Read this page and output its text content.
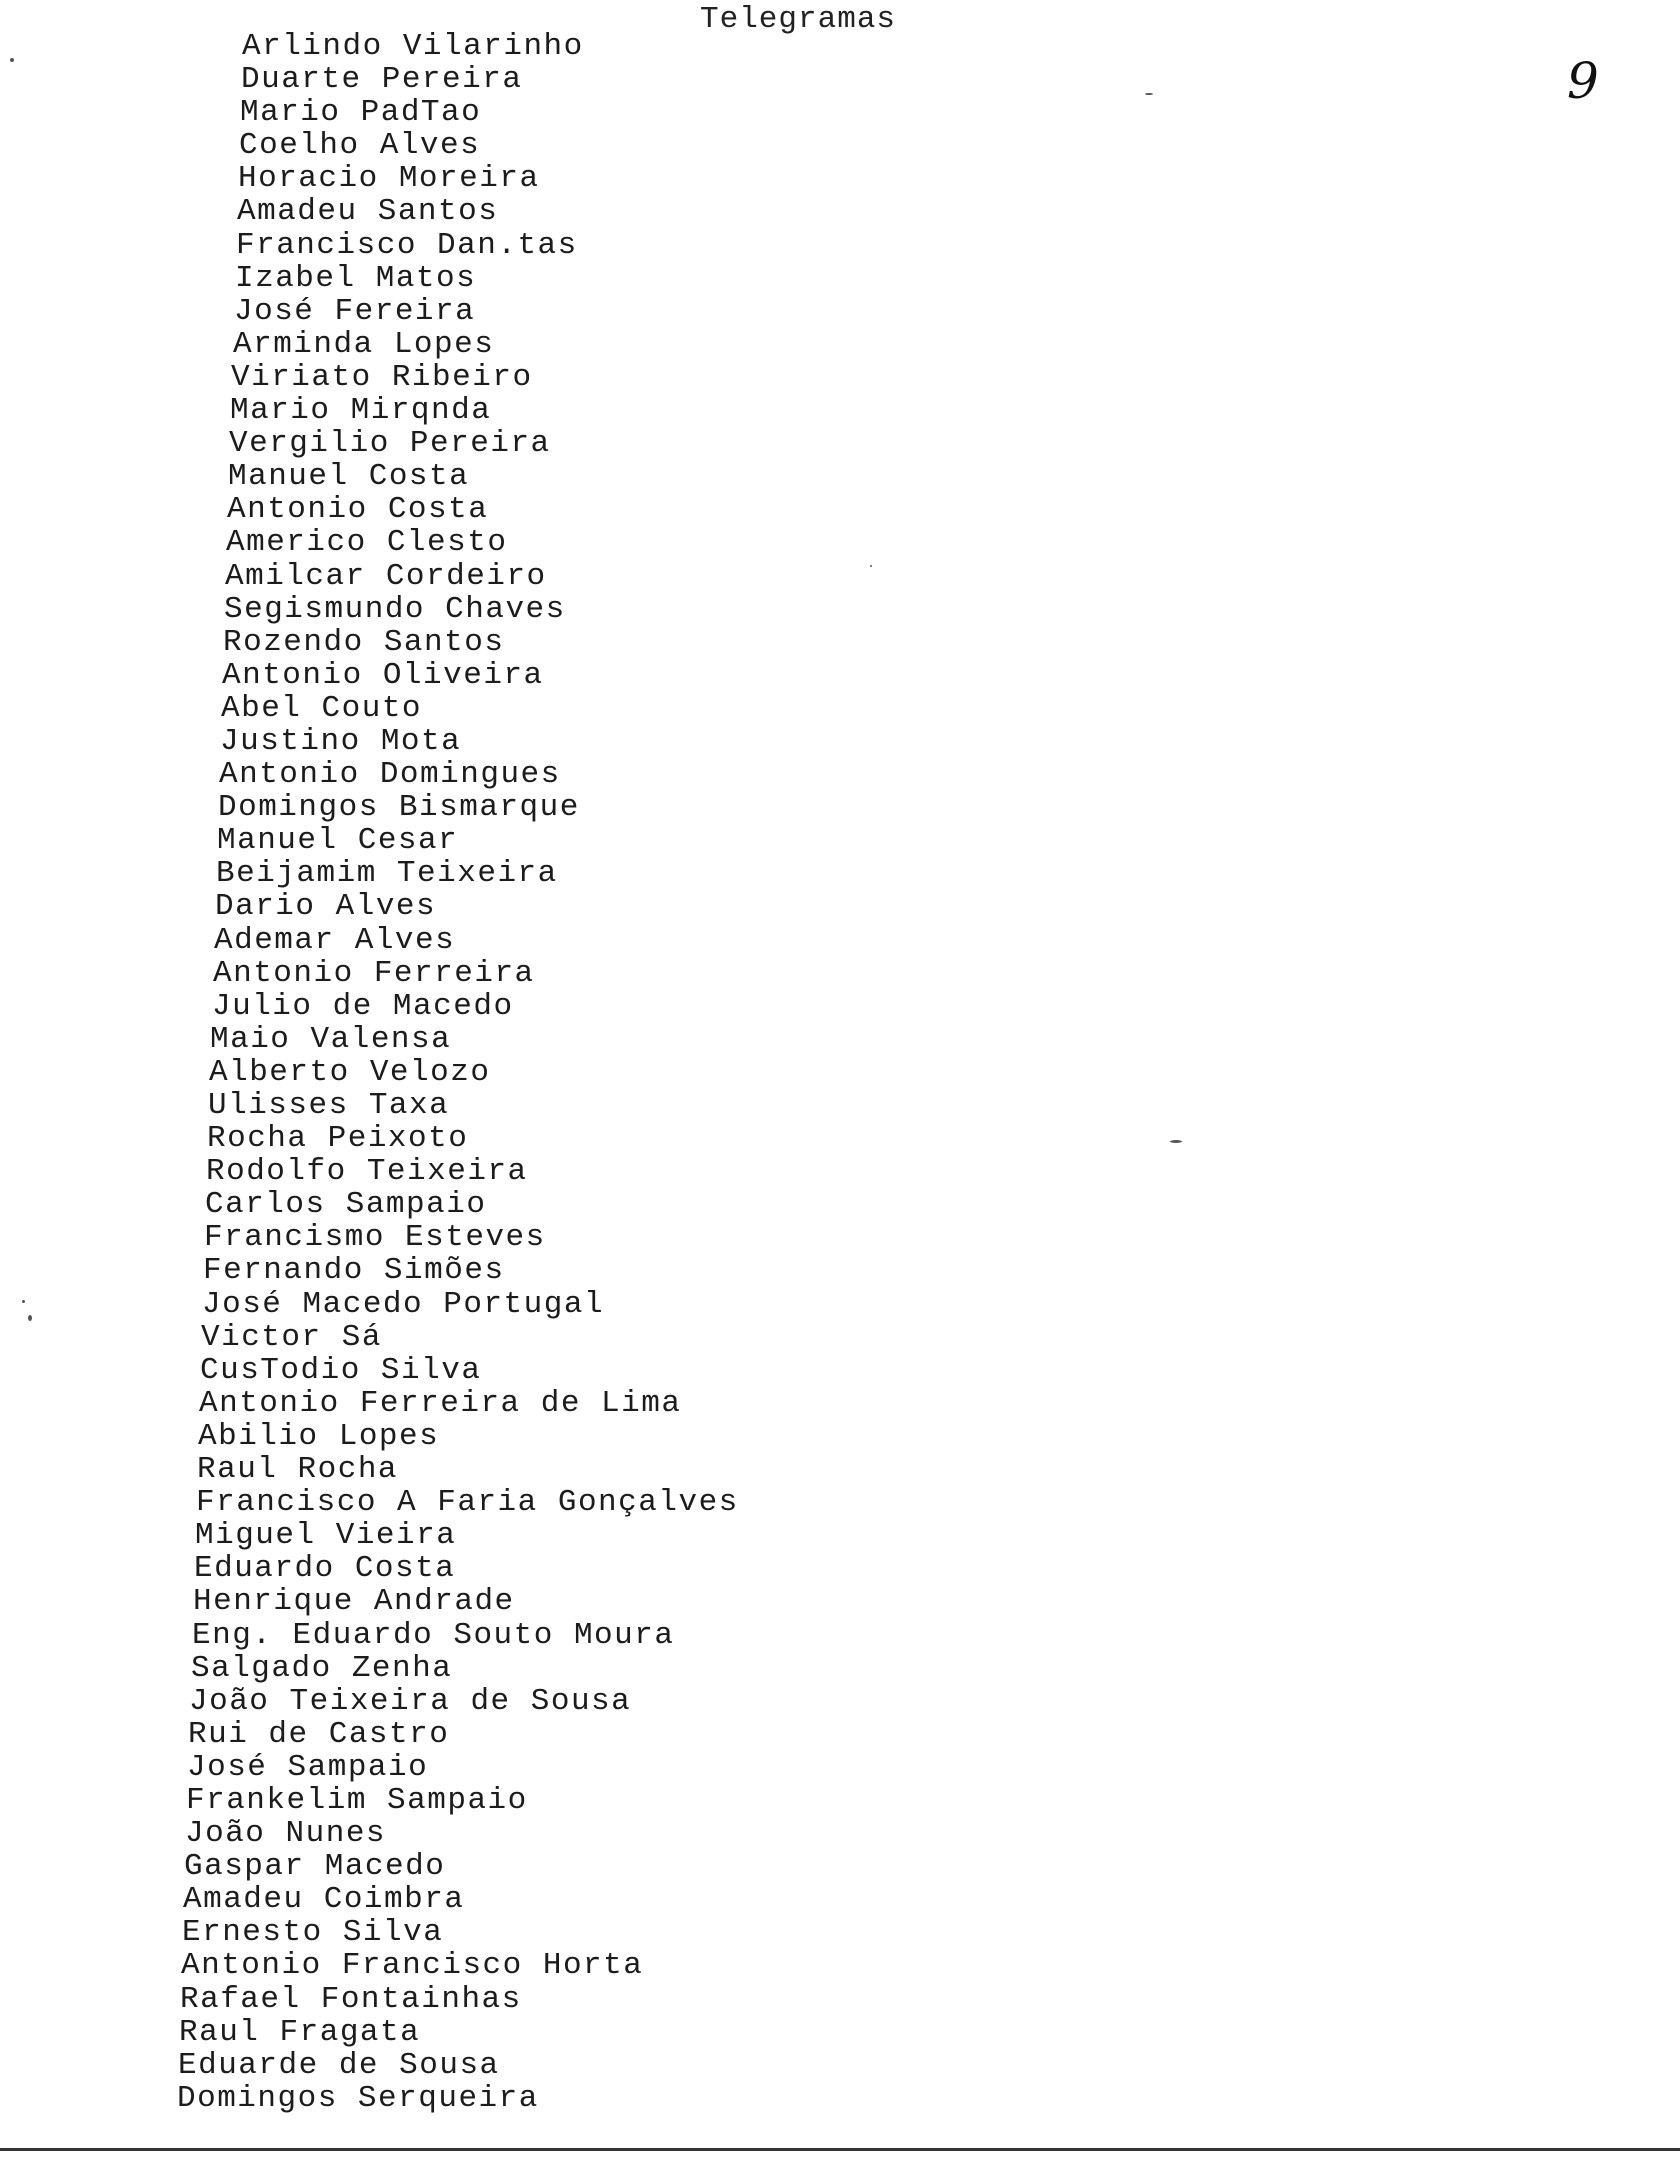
Telegramas
9
Arlindo Vilarinho
Duarte Pereira
Mario PadTao
Coelho Alves
Horacio Moreira
Amadeu Santos
Francisco Dan.tas
Izabel Matos
José Fereira
Arminda Lopes
Viriato Ribeiro
Mario Mirqnda
Vergilio Pereira
Manuel Costa
Antonio Costa
Americo Clesto
Amilcar Cordeiro
Segismundo Chaves
Rozendo Santos
Antonio Oliveira
Abel Couto
Justino Mota
Antonio Domingues
Domingos Bismarque
Manuel Cesar
Beijamim Teixeira
Dario Alves
Ademar Alves
Antonio Ferreira
Julio de Macedo
Maio Valensa
Alberto Velozo
Ulisses Taxa
Rocha Peixoto
Rodolfo Teixeira
Carlos Sampaio
Francismo Esteves
Fernando Simões
José Macedo Portugal
Victor Sá
CusTodio Silva
Antonio Ferreira de Lima
Abilio Lopes
Raul Rocha
Francisco A Faria Gonçalves
Miguel Vieira
Eduardo Costa
Henrique Andrade
Eng. Eduardo Souto Moura
Salgado Zenha
João Teixeira de Sousa
Rui de Castro
José Sampaio
Frankelim Sampaio
João Nunes
Gaspar Macedo
Amadeu Coimbra
Ernesto Silva
Antonio Francisco Horta
Rafael Fontainhas
Raul Fragata
Eduarde de Sousa
Domingos Serqueira
